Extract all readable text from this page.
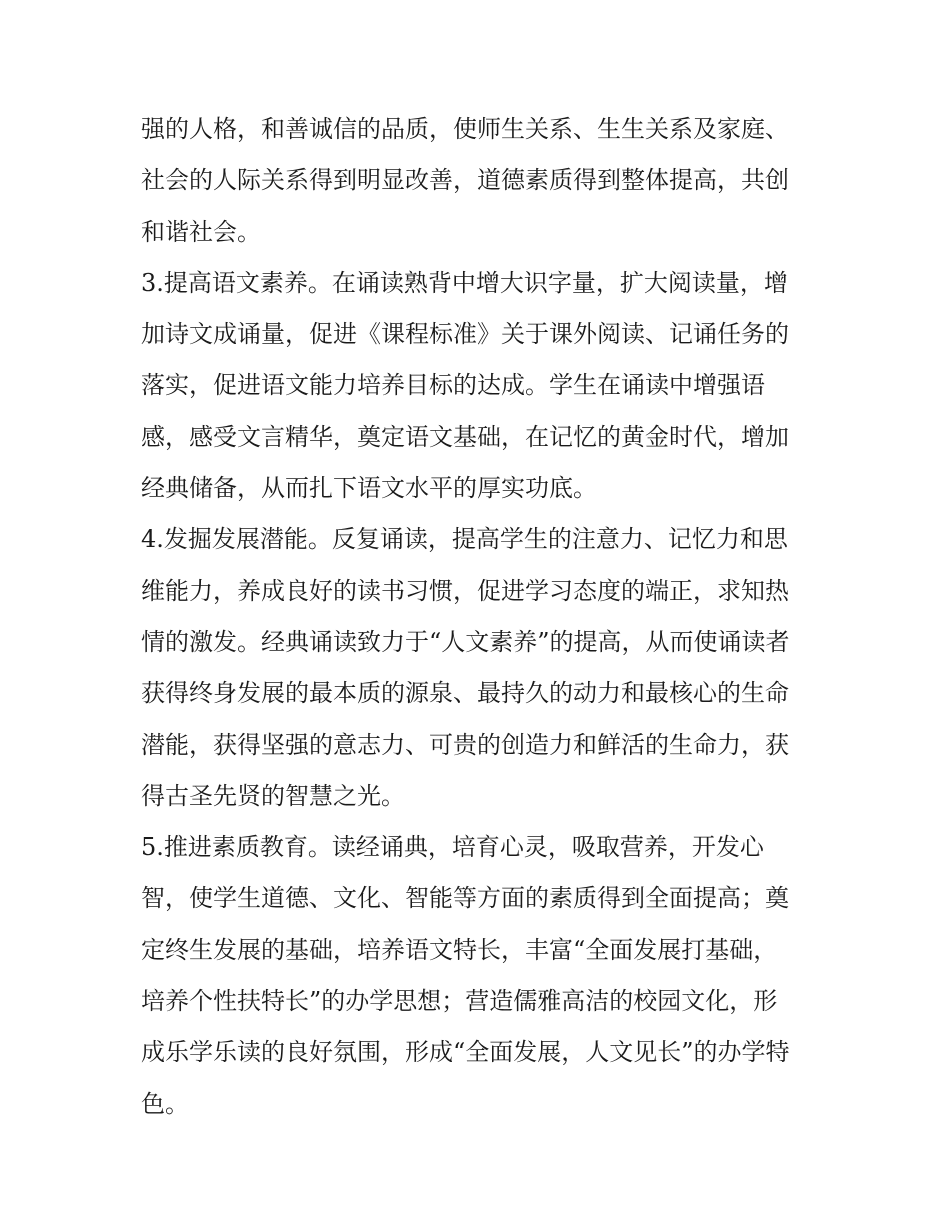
强的人格，和善诚信的品质，使师生关系、生生关系及家庭、
社会的人际关系得到明显改善，道德素质得到整体提高，共创
和谐社会。
3.提高语文素养。在诵读熟背中增大识字量，扩大阅读量，增
加诗文成诵量，促进《课程标准》关于课外阅读、记诵任务的
落实，促进语文能力培养目标的达成。学生在诵读中增强语
感，感受文言精华，奠定语文基础，在记忆的黄金时代，增加
经典储备，从而扎下语文水平的厚实功底。
4.发掘发展潜能。反复诵读，提高学生的注意力、记忆力和思
维能力，养成良好的读书习惯，促进学习态度的端正，求知热
情的激发。经典诵读致力于“人文素养”的提高，从而使诵读者
获得终身发展的最本质的源泉、最持久的动力和最核心的生命
潜能，获得坚强的意志力、可贵的创造力和鲜活的生命力，获
得古圣先贤的智慧之光。
5.推进素质教育。读经诵典，培育心灵，吸取营养，开发心
智，使学生道德、文化、智能等方面的素质得到全面提高；奠
定终生发展的基础，培养语文特长，丰富“全面发展打基础，
培养个性扶特长”的办学思想；营造儒雅高洁的校园文化，形
成乐学乐读的良好氛围，形成“全面发展，人文见长”的办学特
色。
